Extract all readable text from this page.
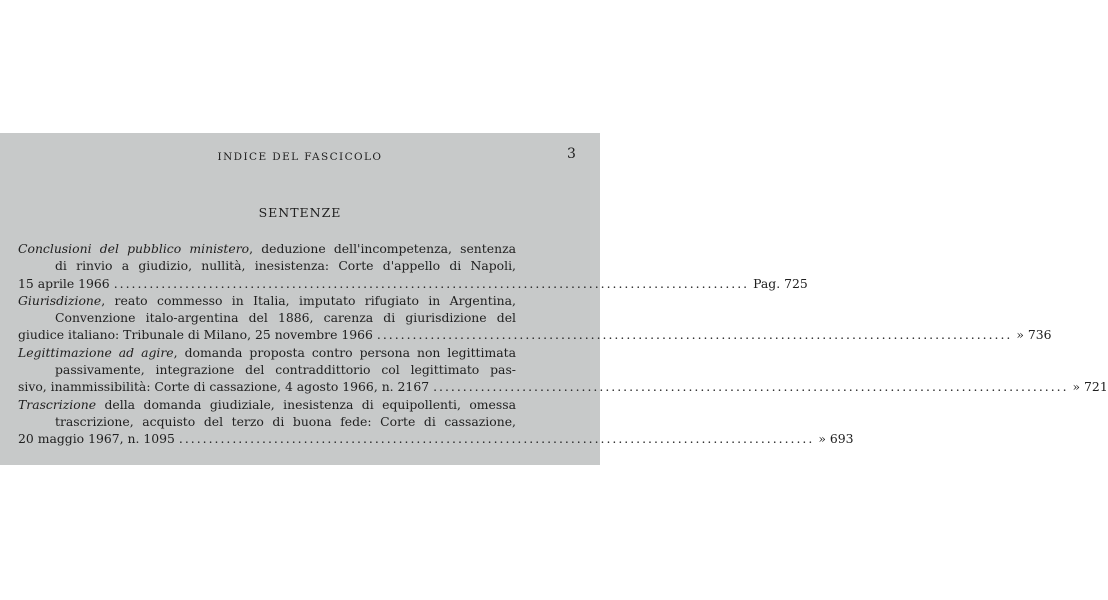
INDICE DEL FASCICOLO	3
SENTENZE
Conclusioni del pubblico ministero, deduzione dell'incompetenza, sentenza
di rinvio a giudizio, nullità, inesistenza: Corte d'appello di Napoli,
15 aprile 1966 ........................................................................................................... Pag. 725
Giurisdizione, reato commesso in Italia, imputato rifugiato in Argentina,
Convenzione italo-argentina del 1886, carenza di giurisdizione del
giudice italiano: Tribunale di Milano, 25 novembre 1966 ........................................................................................................... » 736
Legittimazione ad agire, domanda proposta contro persona non legittimata
passivamente, integrazione del contraddittorio col legittimato pas-
sivo, inammissibilità: Corte di cassazione, 4 agosto 1966, n. 2167 ........................................................................................................... » 721
Trascrizione della domanda giudiziale, inesistenza di equipollenti, omessa
trascrizione, acquisto del terzo di buona fede: Corte di cassazione,
20 maggio 1967, n. 1095 ........................................................................................................... » 693
